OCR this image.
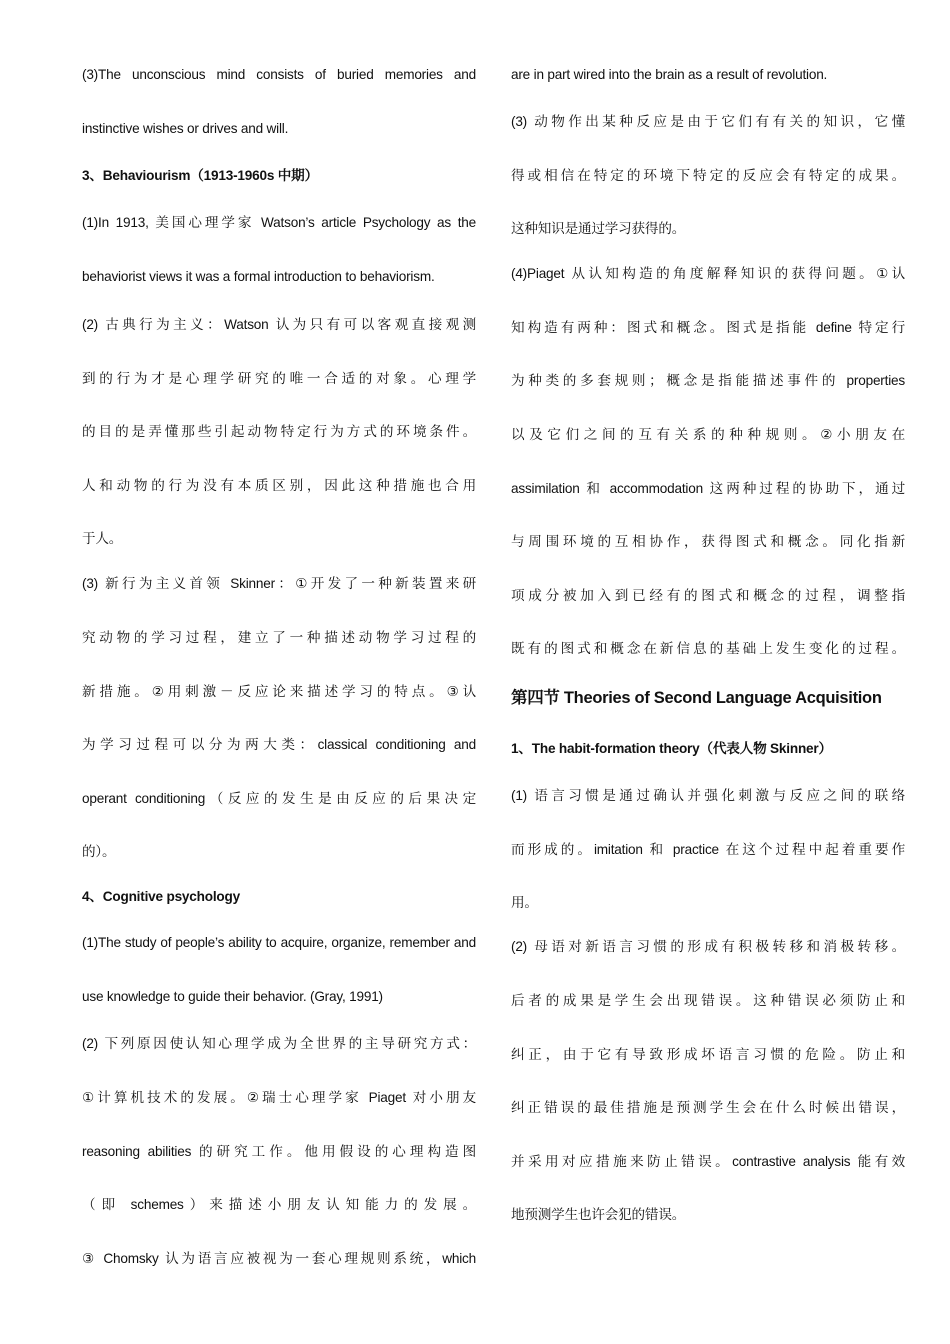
(3)The unconscious mind consists of buried memories and
instinctive wishes or drives and will.
3、Behaviourism（1913-1960s 中期）
(1)In 1913, 美国心理学家 Watson’s article Psychology as the
behaviorist views it was a formal introduction to behaviorism.
(2) 古典行为主义：Watson 认为只有可以客观直接观测
到的行为才是心理学研究的唯一合适的对象。心理学
的目的是弄懂那些引起动物特定行为方式的环境条件。
人和动物的行为没有本质区别，因此这种措施也合用
于人。
(3) 新行为主义首领 Skinner：①开发了一种新装置来研
究动物的学习过程，建立了一种描述动物学习过程的
新措施。②用刺激－反应论来描述学习的特点。③认
为学习过程可以分为两大类：classical conditioning and
operant conditioning（反应的发生是由反应的后果决定
的）。
4、Cognitive psychology
(1)The study of people’s ability to acquire, organize, remember and
use knowledge to guide their behavior. (Gray, 1991)
(2) 下列原因使认知心理学成为全世界的主导研究方式：
①计算机技术的发展。②瑞士心理学家 Piaget 对小朋友
reasoning abilities 的研究工作。他用假设的心理构造图
（即 schemes）来描述小朋友认知能力的发展。
③ Chomsky 认为语言应被视为一套心理规则系统，which
are in part wired into the brain as a result of revolution.
(3) 动物作出某种反应是由于它们有有关的知识，它懂
得或相信在特定的环境下特定的反应会有特定的成果。
这种知识是通过学习获得的。
(4)Piaget 从认知构造的角度解释知识的获得问题。①认
知构造有两种：图式和概念。图式是指能 define 特定行
为种类的多套规则；概念是指能描述事件的 properties
以及它们之间的互有关系的种种规则。②小朋友在
assimilation 和 accommodation 这两种过程的协助下，通过
与周围环境的互相协作，获得图式和概念。同化指新
项成分被加入到已经有的图式和概念的过程，调整指
既有的图式和概念在新信息的基础上发生变化的过程。
第四节 Theories of Second Language Acquisition
1、The habit-formation theory（代表人物 Skinner）
(1) 语言习惯是通过确认并强化刺激与反应之间的联络
而形成的。imitation 和 practice 在这个过程中起着重要作
用。
(2) 母语对新语言习惯的形成有积极转移和消极转移。
后者的成果是学生会出现错误。这种错误必须防止和
纠正，由于它有导致形成坏语言习惯的危险。防止和
纠正错误的最佳措施是预测学生会在什么时候出错误，
并采用对应措施来防止错误。contrastive analysis 能有效
地预测学生也许会犯的错误。
